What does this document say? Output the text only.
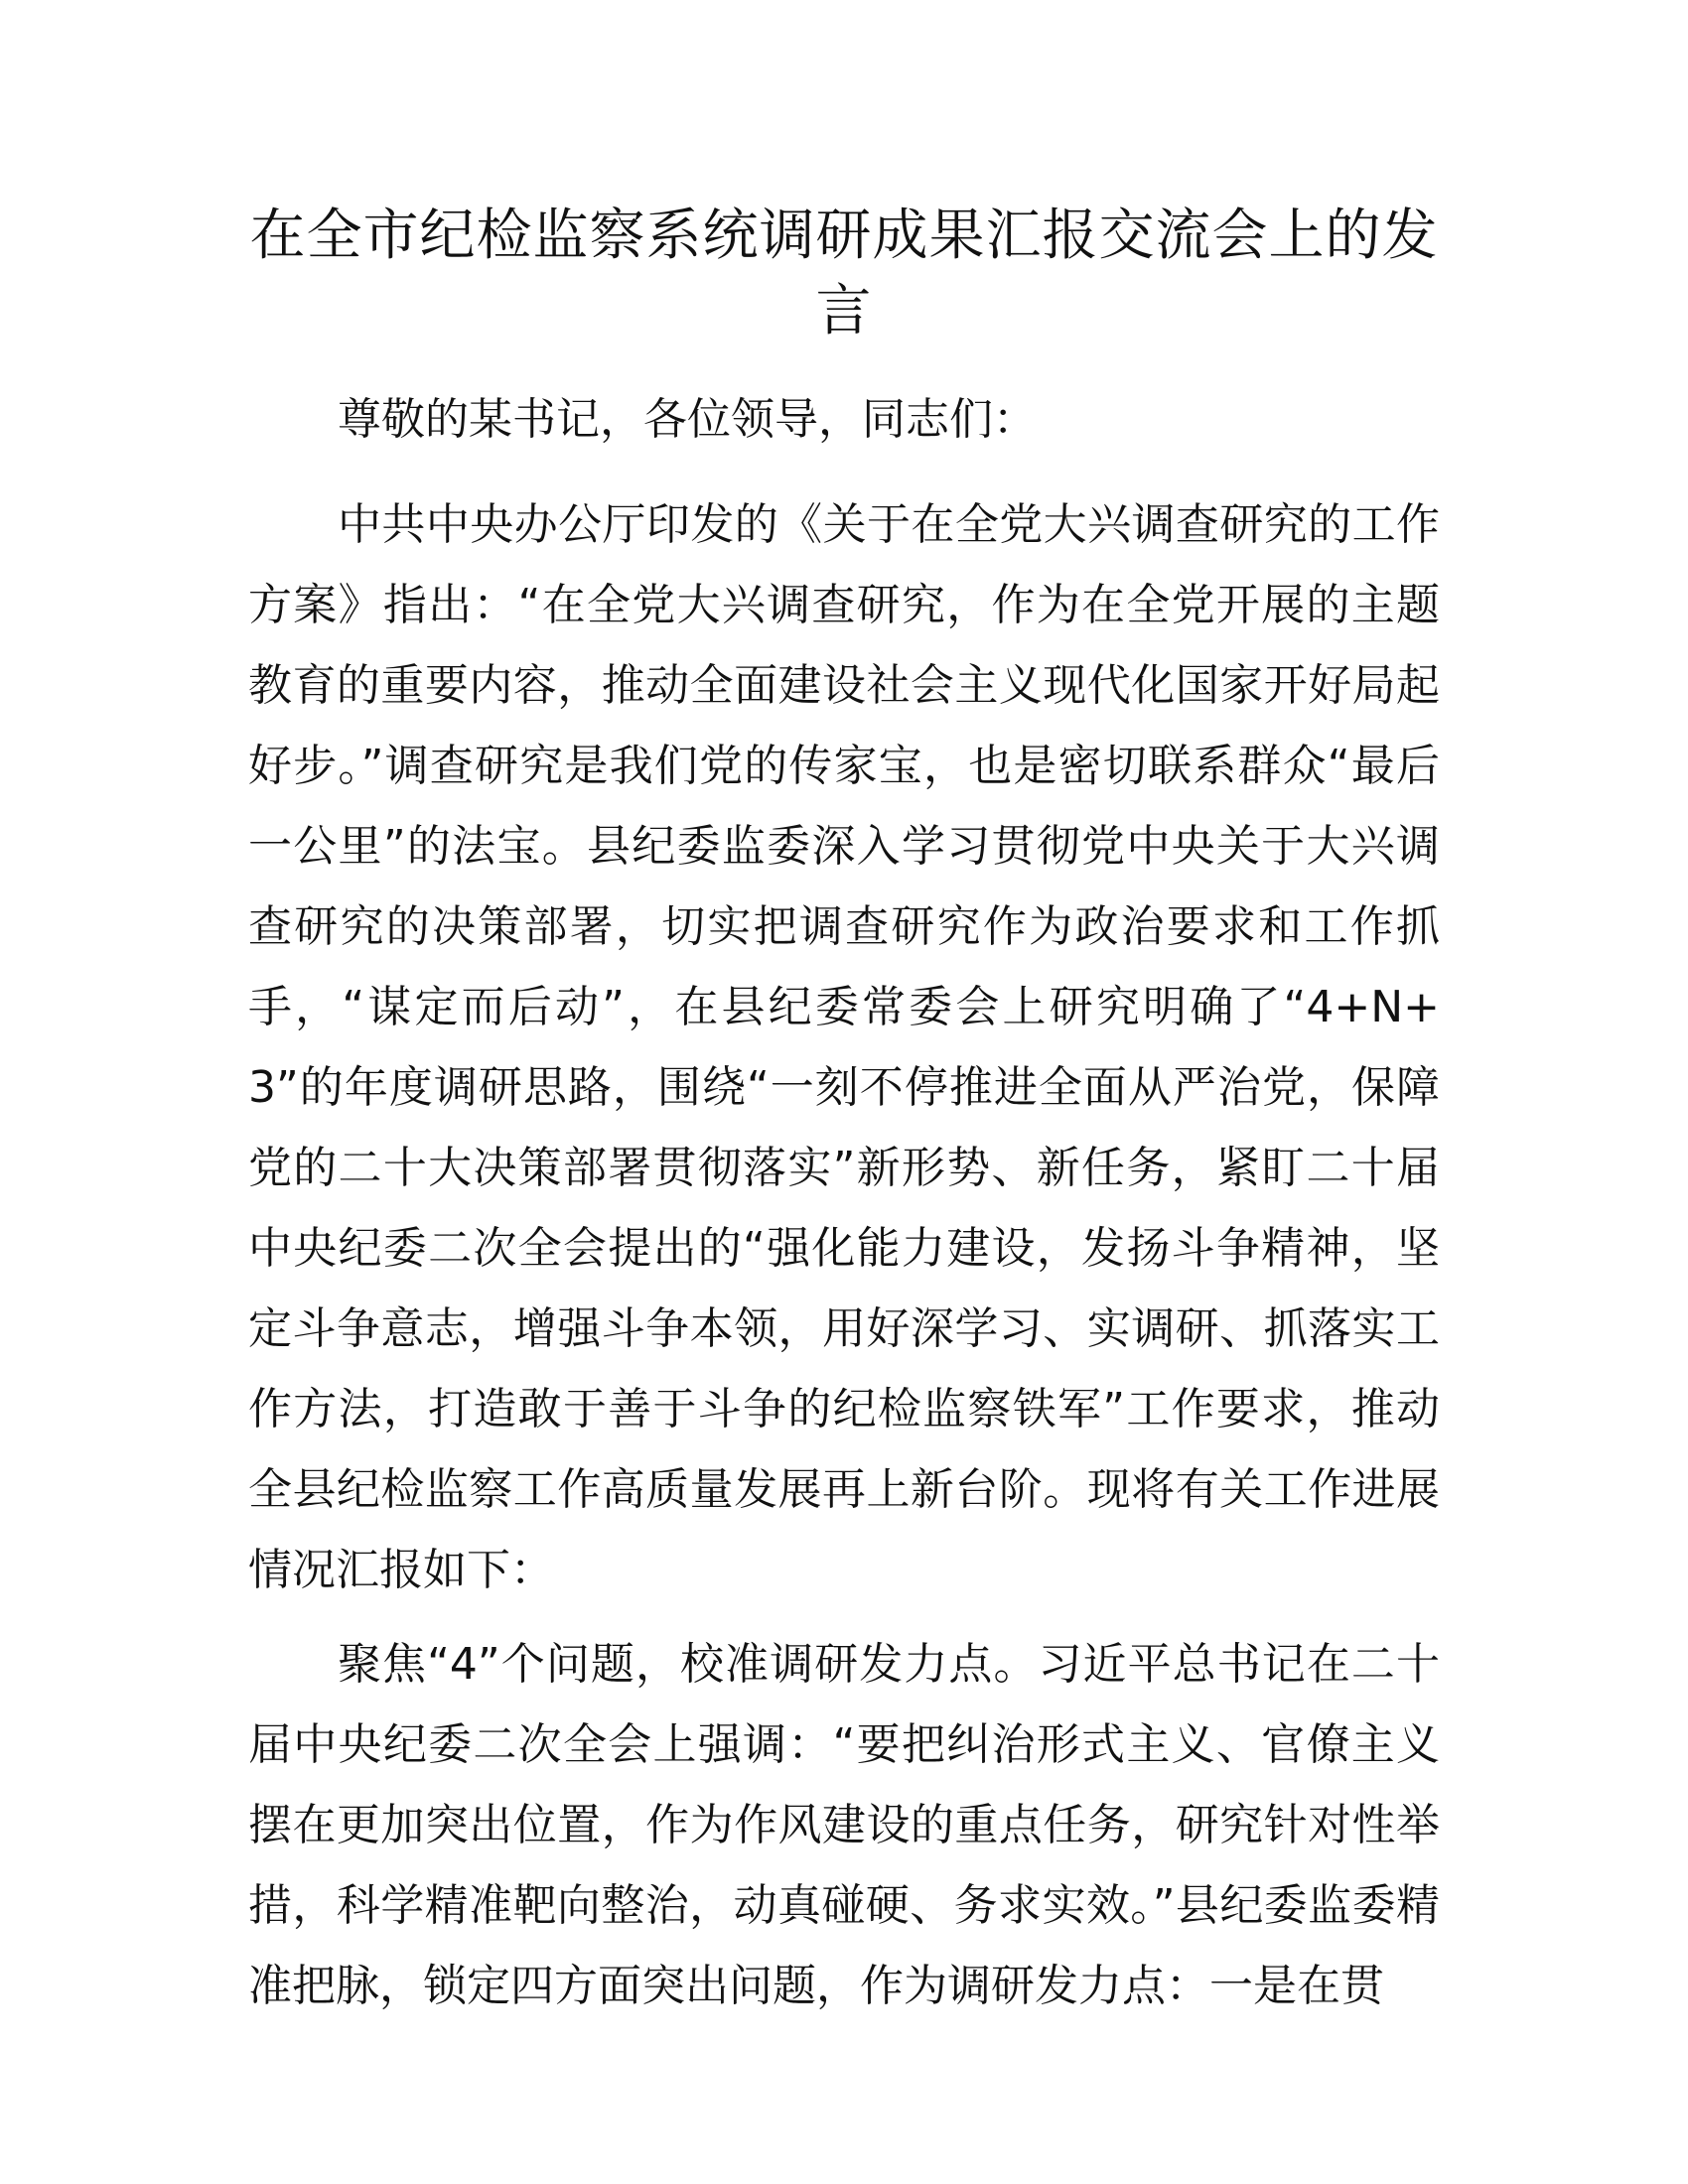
在全市纪检监察系统调研成果汇报交流会上的发言

尊敬的某书记，各位领导，同志们：

中共中央办公厅印发的《关于在全党大兴调查研究的工作方案》指出：“在全党大兴调查研究，作为在全党开展的主题教育的重要内容，推动全面建设社会主义现代化国家开好局起好步。”调查研究是我们党的传家宝，也是密切联系群众“最后一公里”的法宝。县纪委监委深入学习贯彻党中央关于大兴调查研究的决策部署，切实把调查研究作为政治要求和工作抓手，“谋定而后动”，在县纪委常委会上研究明确了“4+N+3”的年度调研思路，围绕“一刻不停推进全面从严治党，保障党的二十大决策部署贯彻落实”新形势、新任务，紧盯二十届中央纪委二次全会提出的“强化能力建设，发扬斗争精神，坚定斗争意志，增强斗争本领，用好深学习、实调研、抓落实工作方法，打造敢于善于斗争的纪检监察铁军”工作要求，推动全县纪检监察工作高质量发展再上新台阶。现将有关工作进展情况汇报如下：

聚焦“4”个问题，校准调研发力点。习近平总书记在二十届中央纪委二次全会上强调：“要把纠治形式主义、官僚主义摆在更加突出位置，作为作风建设的重点任务，研究针对性举措，科学精准靶向整治，动真碰硬、务求实效。”县纪委监委精准把脉，锁定四方面突出问题，作为调研发力点：一是在贯
